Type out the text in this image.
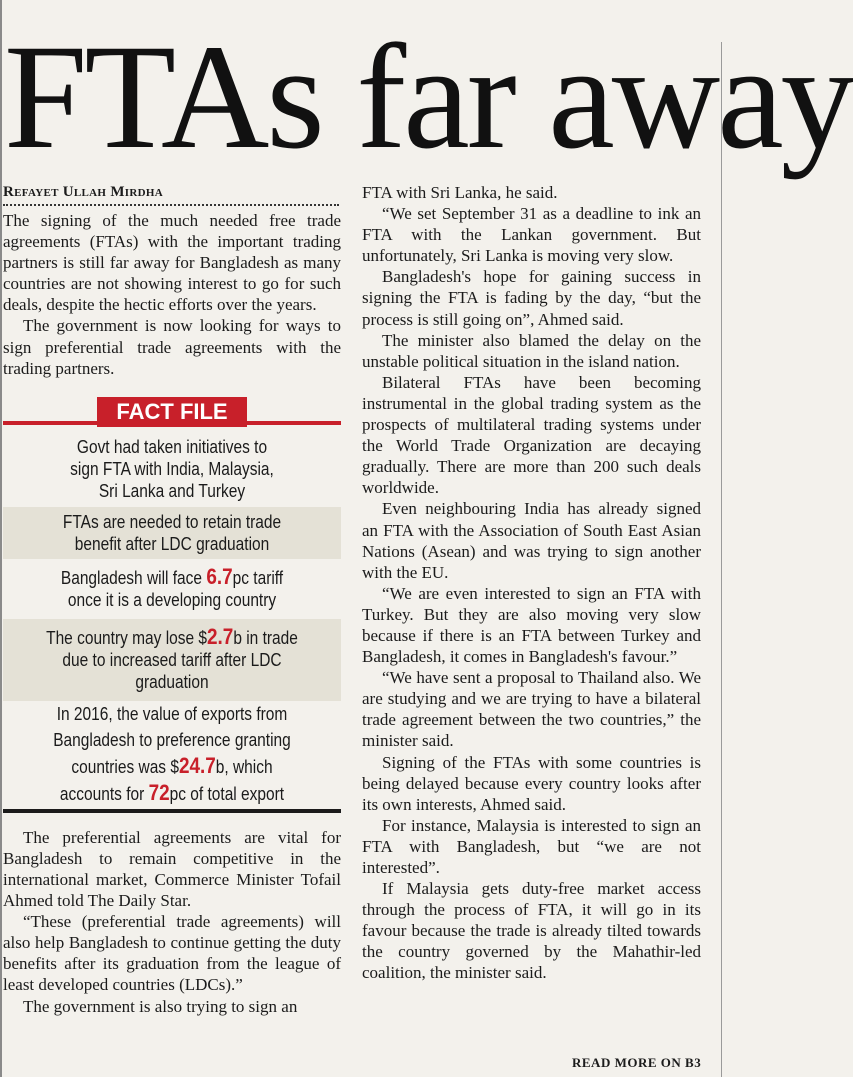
FTAs far away
Refayet Ullah Mirdha

The signing of the much needed free trade agreements (FTAs) with the important trading partners is still far away for Bangladesh as many countries are not showing interest to go for such deals, despite the hectic efforts over the years.

The government is now looking for ways to sign preferential trade agreements with the trading partners.

FACT FILE
Govt had taken initiatives to sign FTA with India, Malaysia, Sri Lanka and Turkey
FTAs are needed to retain trade benefit after LDC graduation
Bangladesh will face 6.7pc tariff once it is a developing country
The country may lose $2.7b in trade due to increased tariff after LDC graduation
In 2016, the value of exports from Bangladesh to preference granting countries was $24.7b, which accounts for 72pc of total export

The preferential agreements are vital for Bangladesh to remain competitive in the international market, Commerce Minister Tofail Ahmed told The Daily Star.

“These (preferential trade agreements) will also help Bangladesh to continue getting the duty benefits after its graduation from the league of least developed countries (LDCs).”

The government is also trying to sign an

FTA with Sri Lanka, he said.

“We set September 31 as a deadline to ink an FTA with the Lankan government. But unfortunately, Sri Lanka is moving very slow.

Bangladesh's hope for gaining success in signing the FTA is fading by the day, “but the process is still going on”, Ahmed said.

The minister also blamed the delay on the unstable political situation in the island nation.

Bilateral FTAs have been becoming instrumental in the global trading system as the prospects of multilateral trading systems under the World Trade Organization are decaying gradually. There are more than 200 such deals worldwide.

Even neighbouring India has already signed an FTA with the Association of South East Asian Nations (Asean) and was trying to sign another with the EU.

“We are even interested to sign an FTA with Turkey. But they are also moving very slow because if there is an FTA between Turkey and Bangladesh, it comes in Bangladesh's favour.”

“We have sent a proposal to Thailand also. We are studying and we are trying to have a bilateral trade agreement between the two countries,” the minister said.

Signing of the FTAs with some countries is being delayed because every country looks after its own interests, Ahmed said.

For instance, Malaysia is interested to sign an FTA with Bangladesh, but “we are not interested”.

If Malaysia gets duty-free market access through the process of FTA, it will go in its favour because the trade is already tilted towards the country governed by the Mahathir-led coalition, the minister said.

READ MORE ON B3
